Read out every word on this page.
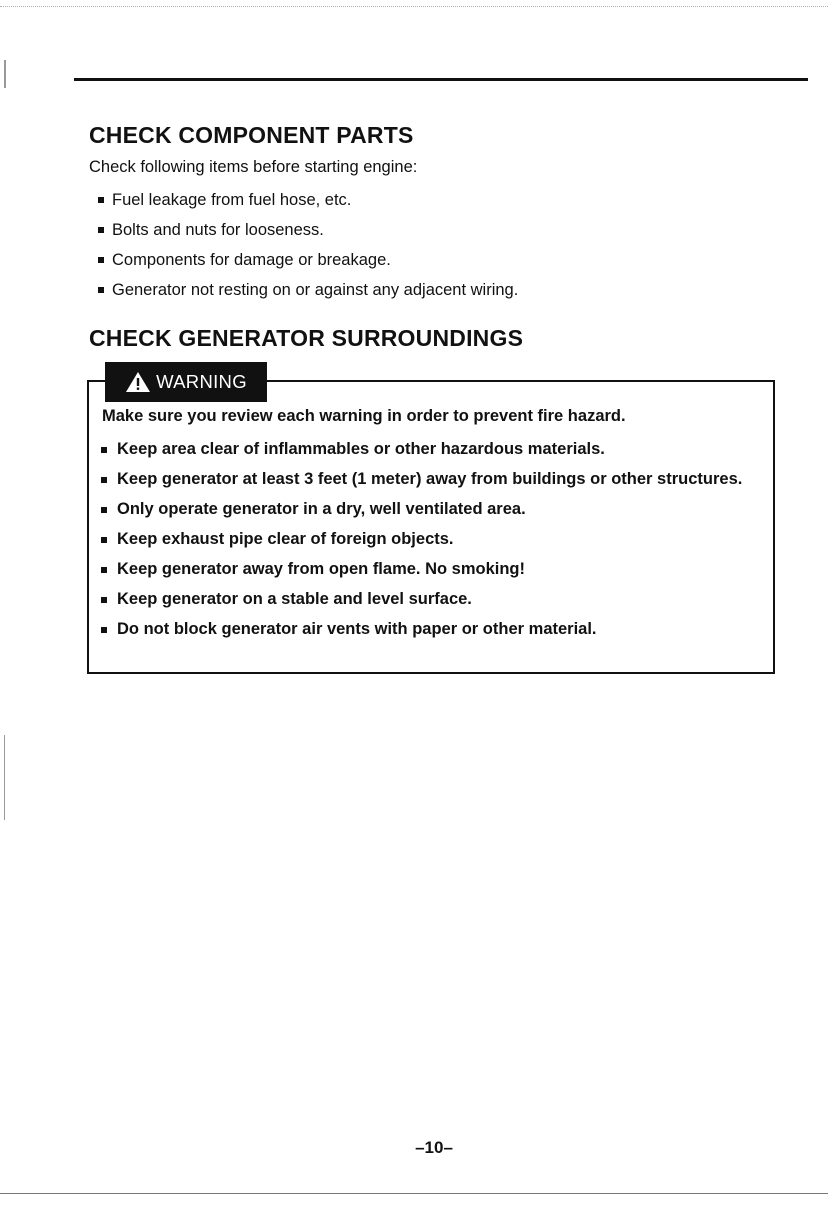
CHECK COMPONENT PARTS
Check following items before starting engine:
Fuel leakage from fuel hose, etc.
Bolts and nuts for looseness.
Components for damage or breakage.
Generator not resting on or against any adjacent wiring.
CHECK GENERATOR SURROUNDINGS
WARNING
Make sure you review each warning in order to prevent fire hazard.
Keep area clear of inflammables or other hazardous materials.
Keep generator at least 3 feet (1 meter) away from buildings or other structures.
Only operate generator in a dry, well ventilated area.
Keep exhaust pipe clear of foreign objects.
Keep generator away from open flame. No smoking!
Keep generator on a stable and level surface.
Do not block generator air vents with paper or other material.
–10–
